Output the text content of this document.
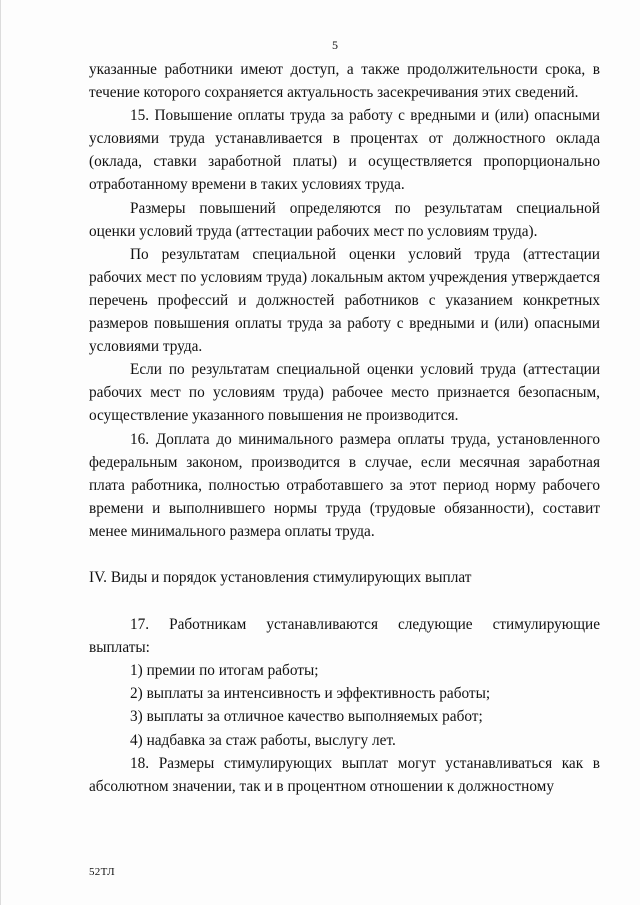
5

указанные работники имеют доступ, а также продолжительности срока, в течение которого сохраняется актуальность засекречивания этих сведений.

15. Повышение оплаты труда за работу с вредными и (или) опасными условиями труда устанавливается в процентах от должностного оклада (оклада, ставки заработной платы) и осуществляется пропорционально отработанному времени в таких условиях труда.

Размеры повышений определяются по результатам специальной оценки условий труда (аттестации рабочих мест по условиям труда).

По результатам специальной оценки условий труда (аттестации рабочих мест по условиям труда) локальным актом учреждения утверждается перечень профессий и должностей работников с указанием конкретных размеров повышения оплаты труда за работу с вредными и (или) опасными условиями труда.

Если по результатам специальной оценки условий труда (аттестации рабочих мест по условиям труда) рабочее место признается безопасным, осуществление указанного повышения не производится.

16. Доплата до минимального размера оплаты труда, установленного федеральным законом, производится в случае, если месячная заработная плата работника, полностью отработавшего за этот период норму рабочего времени и выполнившего нормы труда (трудовые обязанности), составит менее минимального размера оплаты труда.

IV. Виды и порядок установления стимулирующих выплат

17. Работникам устанавливаются следующие стимулирующие выплаты:

1) премии по итогам работы;

2) выплаты за интенсивность и эффективность работы;

3) выплаты за отличное качество выполняемых работ;

4) надбавка за стаж работы, выслугу лет.

18. Размеры стимулирующих выплат могут устанавливаться как в абсолютном значении, так и в процентном отношении к должностному

52ТЛ
